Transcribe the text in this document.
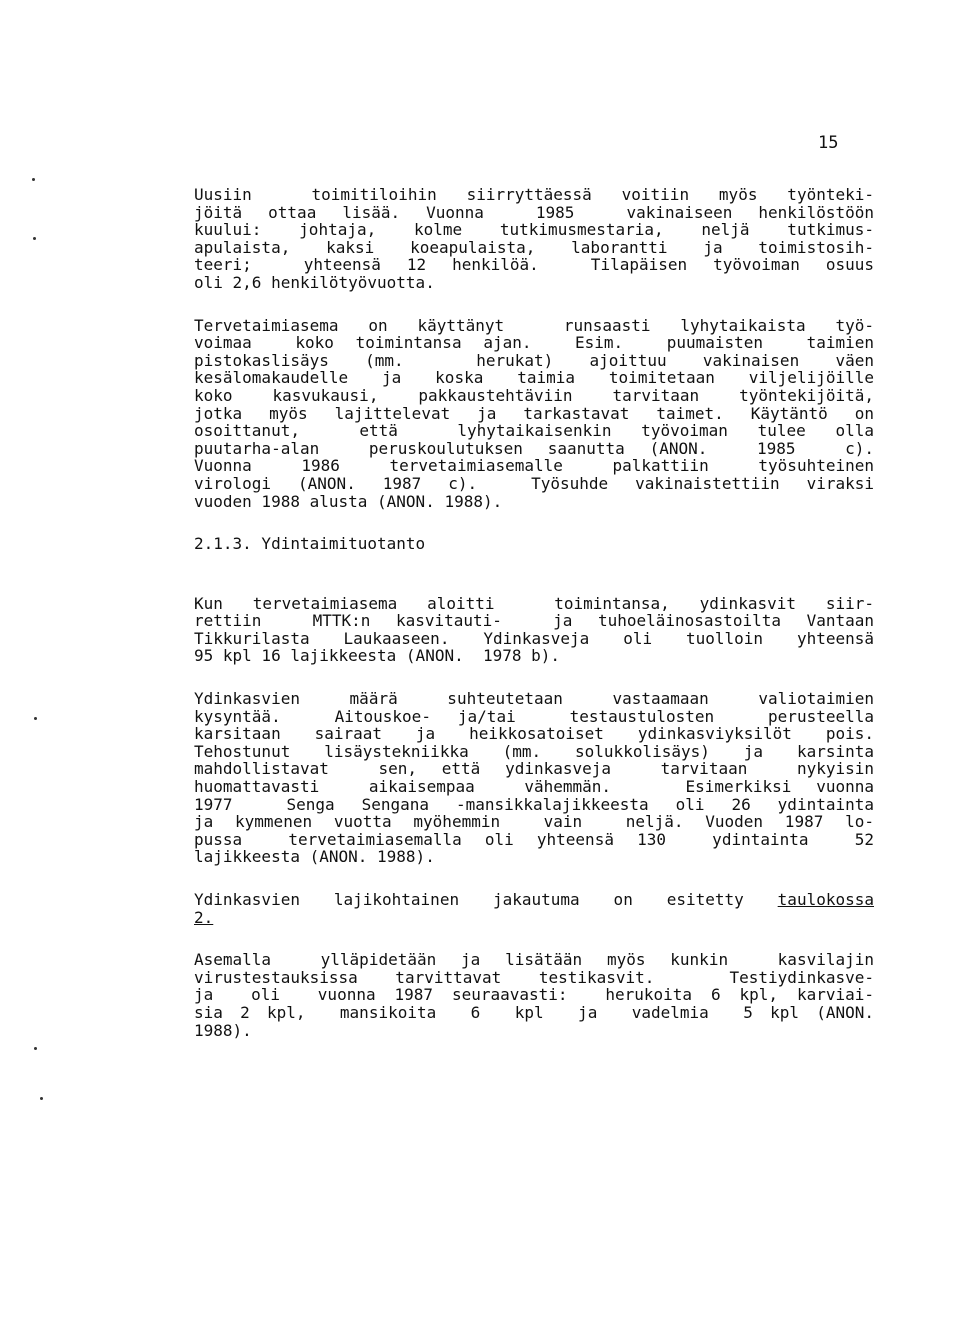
15
Uusiin  toimitiloihin siirryttäessä voitiin myös työnteki-
jöitä ottaa lisää. Vuonna  1985  vakinaiseen henkilöstöön
kuului: johtaja, kolme tutkimusmestaria, neljä tutkimus-
apulaista, kaksi koeapulaista, laborantti ja toimistosih-
teeri;  yhteensä 12 henkilöä.  Tilapäisen työvoiman osuus
oli 2,6 henkilötyövuotta.
Tervetaimiasema on käyttänyt  runsaasti lyhytaikaista työ-
voimaa  koko toimintansa ajan.  Esim.  puumaisten  taimien
pistokaslisäys (mm.  herukat) ajoittuu vakinaisen väen
kesälomakaudelle ja koska taimia toimitetaan viljelijöille
koko kasvukausi, pakkaustehtäviin tarvitaan työntekijöitä,
jotka myös lajittelevat ja tarkastavat taimet. Käytäntö on
osoittanut,  että  lyhytaikaisenkin työvoiman tulee olla
puutarha-alan  peruskoulutuksen saanutta (ANON.  1985  c).
Vuonna  1986  tervetaimiasemalle  palkattiin  työsuhteinen
virologi (ANON. 1987 c).  Työsuhde vakinaistettiin viraksi
vuoden 1988 alusta (ANON. 1988).
2.1.3. Ydintaimituotanto
Kun tervetaimiasema aloitti  toimintansa, ydinkasvit siir-
rettiin  MTTK:n kasvitauti-  ja tuhoeläinosastoilta Vantaan
Tikkurilasta Laukaaseen. Ydinkasveja oli tuolloin yhteensä
95 kpl 16 lajikkeesta (ANON.  1978 b).
Ydinkasvien  määrä  suhteutetaan  vastaamaan  valiotaimien
kysyntää.  Aitouskoe- ja/tai  testaustulosten  perusteella
karsitaan sairaat ja heikkosatoiset ydinkasviyksilöt pois.
Tehostunut lisäystekniikka (mm. solukkolisäys) ja karsinta
mahdollistavat  sen, että ydinkasveja  tarvitaan  nykyisin
huomattavasti  aikaisempaa  vähemmän.   Esimerkiksi vuonna
1977  Senga Sengana -mansikkalajikkeesta oli 26 ydintainta
ja kymmenen vuotta myöhemmin  vain  neljä. Vuoden 1987 lo-
pussa  tervetaimiasemalla oli yhteensä 130  ydintainta  52
lajikkeesta (ANON. 1988).
Ydinkasvien lajikohtainen jakautuma on esitetty taulokossa
2.
Asemalla  ylläpidetään ja lisätään myös kunkin  kasvilajin
virustestauksissa tarvittavat testikasvit.  Testiydinkasve-
ja  oli  vuonna 1987 seuraavasti:  herukoita 6 kpl, karviai-
sia 2 kpl,  mansikoita  6  kpl  ja  vadelmia  5 kpl (ANON.
1988).
